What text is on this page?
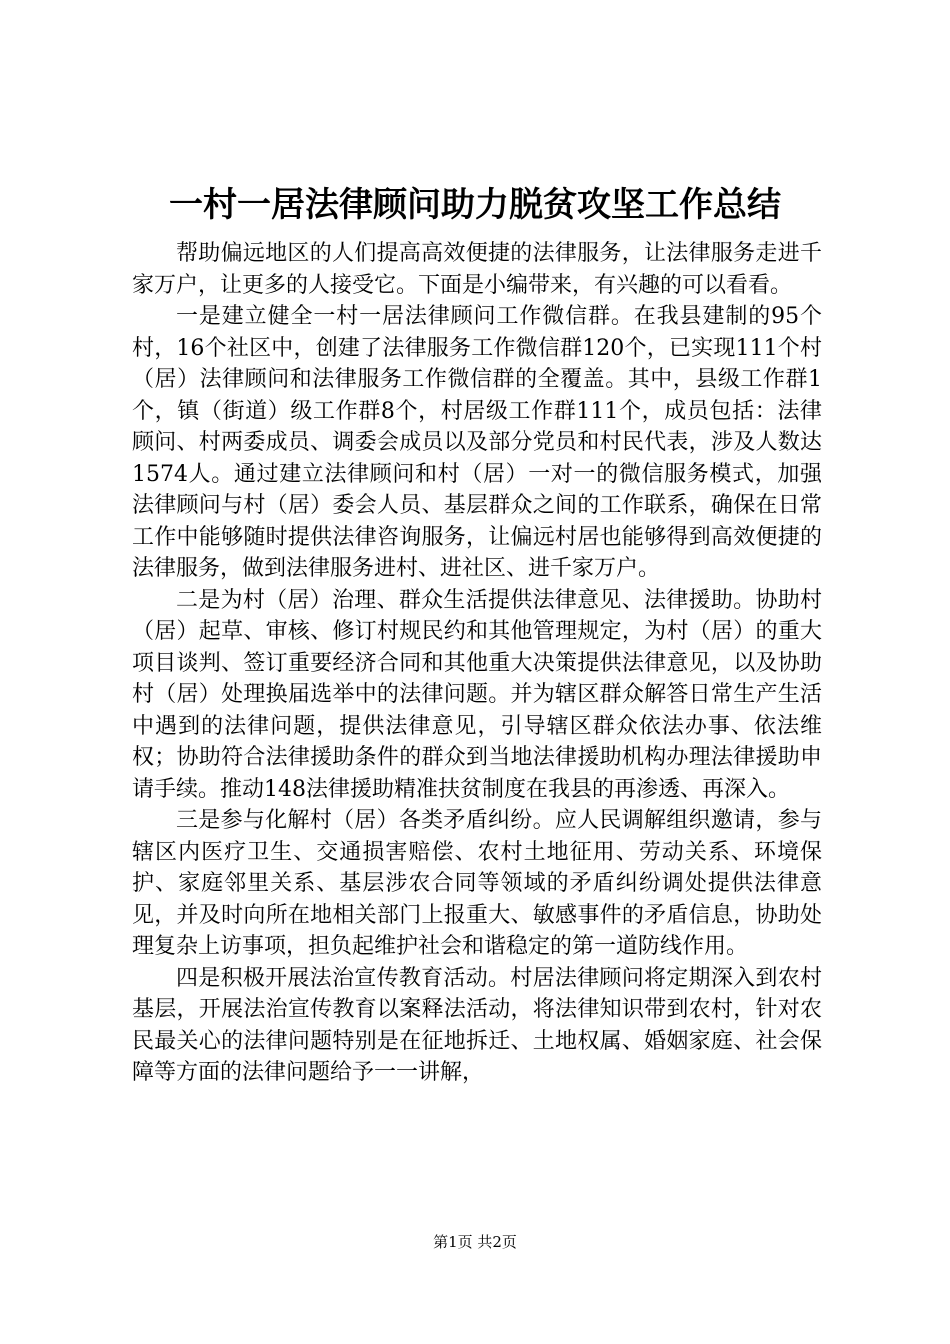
一村一居法律顾问助力脱贫攻坚工作总结

帮助偏远地区的人们提高高效便捷的法律服务，让法律服务走进千家万户，让更多的人接受它。下面是小编带来，有兴趣的可以看看。

一是建立健全一村一居法律顾问工作微信群。在我县建制的95个村，16个社区中，创建了法律服务工作微信群120个，已实现111个村（居）法律顾问和法律服务工作微信群的全覆盖。其中，县级工作群1个，镇（街道）级工作群8个，村居级工作群111个，成员包括：法律顾问、村两委成员、调委会成员以及部分党员和村民代表，涉及人数达1574人。通过建立法律顾问和村（居）一对一的微信服务模式，加强法律顾问与村（居）委会人员、基层群众之间的工作联系，确保在日常工作中能够随时提供法律咨询服务，让偏远村居也能够得到高效便捷的法律服务，做到法律服务进村、进社区、进千家万户。

二是为村（居）治理、群众生活提供法律意见、法律援助。协助村（居）起草、审核、修订村规民约和其他管理规定，为村（居）的重大项目谈判、签订重要经济合同和其他重大决策提供法律意见，以及协助村（居）处理换届选举中的法律问题。并为辖区群众解答日常生产生活中遇到的法律问题，提供法律意见，引导辖区群众依法办事、依法维权；协助符合法律援助条件的群众到当地法律援助机构办理法律援助申请手续。推动148法律援助精准扶贫制度在我县的再渗透、再深入。

三是参与化解村（居）各类矛盾纠纷。应人民调解组织邀请，参与辖区内医疗卫生、交通损害赔偿、农村土地征用、劳动关系、环境保护、家庭邻里关系、基层涉农合同等领域的矛盾纠纷调处提供法律意见，并及时向所在地相关部门上报重大、敏感事件的矛盾信息，协助处理复杂上访事项，担负起维护社会和谐稳定的第一道防线作用。

四是积极开展法治宣传教育活动。村居法律顾问将定期深入到农村基层，开展法治宣传教育以案释法活动，将法律知识带到农村，针对农民最关心的法律问题特别是在征地拆迁、土地权属、婚姻家庭、社会保障等方面的法律问题给予一一讲解，

第1页 共2页
